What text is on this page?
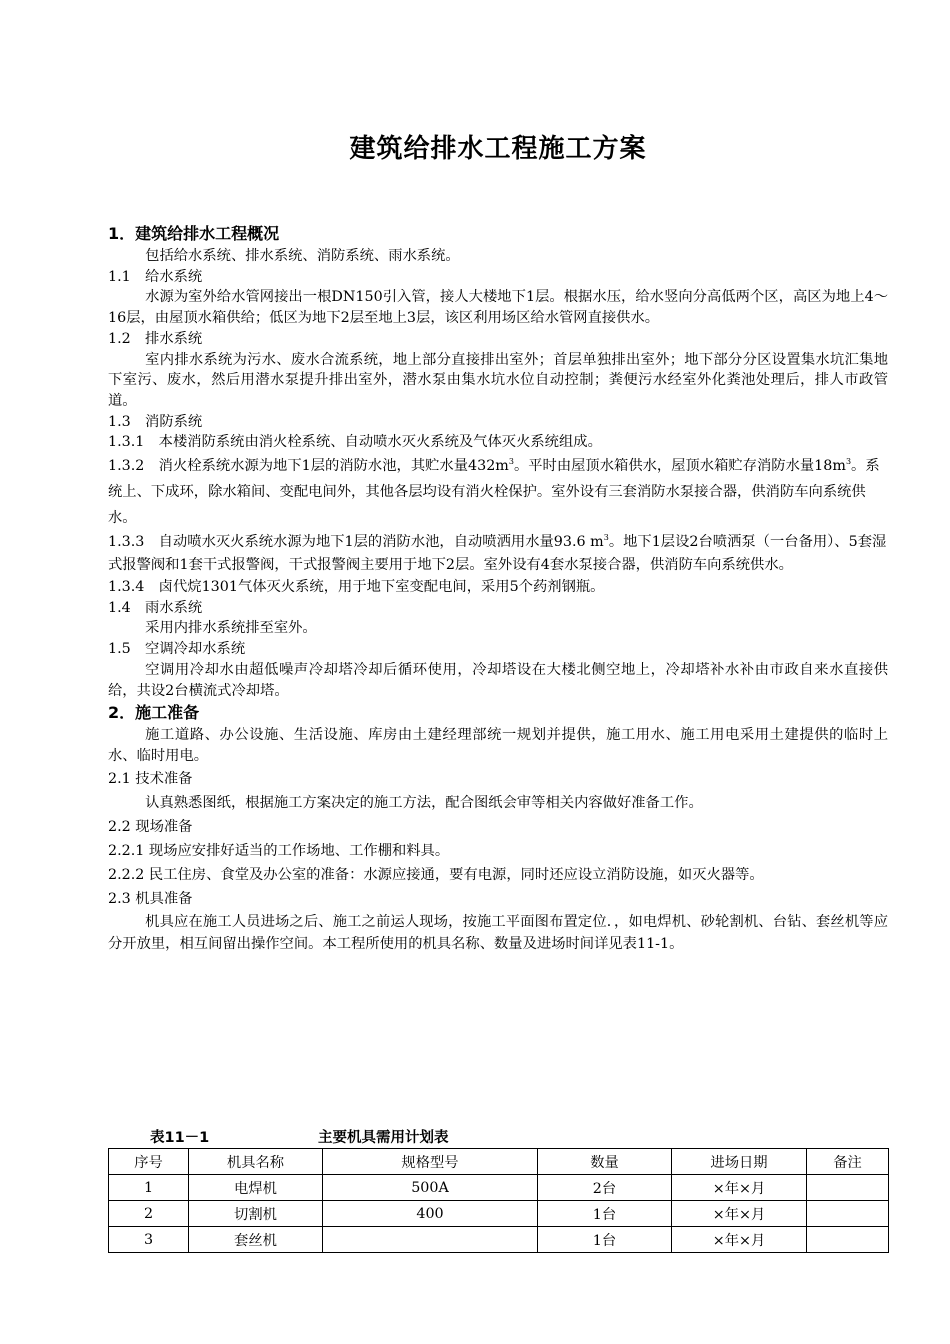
建筑给排水工程施工方案
1．建筑给排水工程概况
包括给水系统、排水系统、消防系统、雨水系统。
1.1　给水系统
水源为室外给水管网接出一根DN150引入管，接人大楼地下1层。根据水压，给水竖向分高低两个区，高区为地上4～16层，由屋顶水箱供给；低区为地下2层至地上3层，该区利用场区给水管网直接供水。
1.2　排水系统
室内排水系统为污水、废水合流系统，地上部分直接排出室外；首层单独排出室外；地下部分分区设置集水坑汇集地下室污、废水，然后用潜水泵提升排出室外，潜水泵由集水坑水位自动控制；粪便污水经室外化粪池处理后，排人市政管道。
1.3　消防系统
1.3.1　本楼消防系统由消火栓系统、自动喷水灭火系统及气体灭火系统组成。
1.3.2　消火栓系统水源为地下1层的消防水池，其贮水量$432m^3$。平时由屋顶水箱供水，屋顶水箱贮存消防水量$18m^3$。系统上、下成环，除水箱间、变配电间外，其他各层均设有消火栓保护。室外设有三套消防水泵接合器，供消防车向系统供水。
1.3.3　自动喷水灭火系统水源为地下1层的消防水池，自动喷洒用水量93.6 $m^3$。地下1层设2台喷洒泵（一台备用）、5套湿式报警阀和1套干式报警阀，干式报警阀主要用于地下2层。室外设有4套水泵接合器，供消防车向系统供水。
1.3.4　卤代烷1301气体灭火系统，用于地下室变配电间，采用5个药剂钢瓶。
1.4　雨水系统
采用内排水系统排至室外。
1.5　空调冷却水系统
空调用冷却水由超低噪声冷却塔冷却后循环使用，冷却塔设在大楼北侧空地上，冷却塔补水补由市政自来水直接供给，共设2台横流式冷却塔。
2．施工准备
施工道路、办公设施、生活设施、库房由土建经理部统一规划并提供，施工用水、施工用电采用土建提供的临时上水、临时用电。
2.1 技术准备
认真熟悉图纸，根据施工方案决定的施工方法，配合图纸会审等相关内容做好准备工作。
2.2 现场准备
2.2.1 现场应安排好适当的工作场地、工作棚和料具。
2.2.2 民工住房、食堂及办公室的准备：水源应接通，要有电源，同时还应设立消防设施，如灭火器等。
2.3 机具准备
机具应在施工人员进场之后、施工之前运人现场，按施工平面图布置定位．，如电焊机、砂轮割机、台钻、套丝机等应分开放里，相互间留出操作空间。本工程所使用的机具名称、数量及进场时间详见表11-1。
表11－1	主要机具需用计划表
序号	机具名称	规格型号	数量	进场日期	备注
1	电焊机	500A	2台	×年×月	
2	切割机	400	1台	×年×月	
3	套丝机		1台	×年×月	
